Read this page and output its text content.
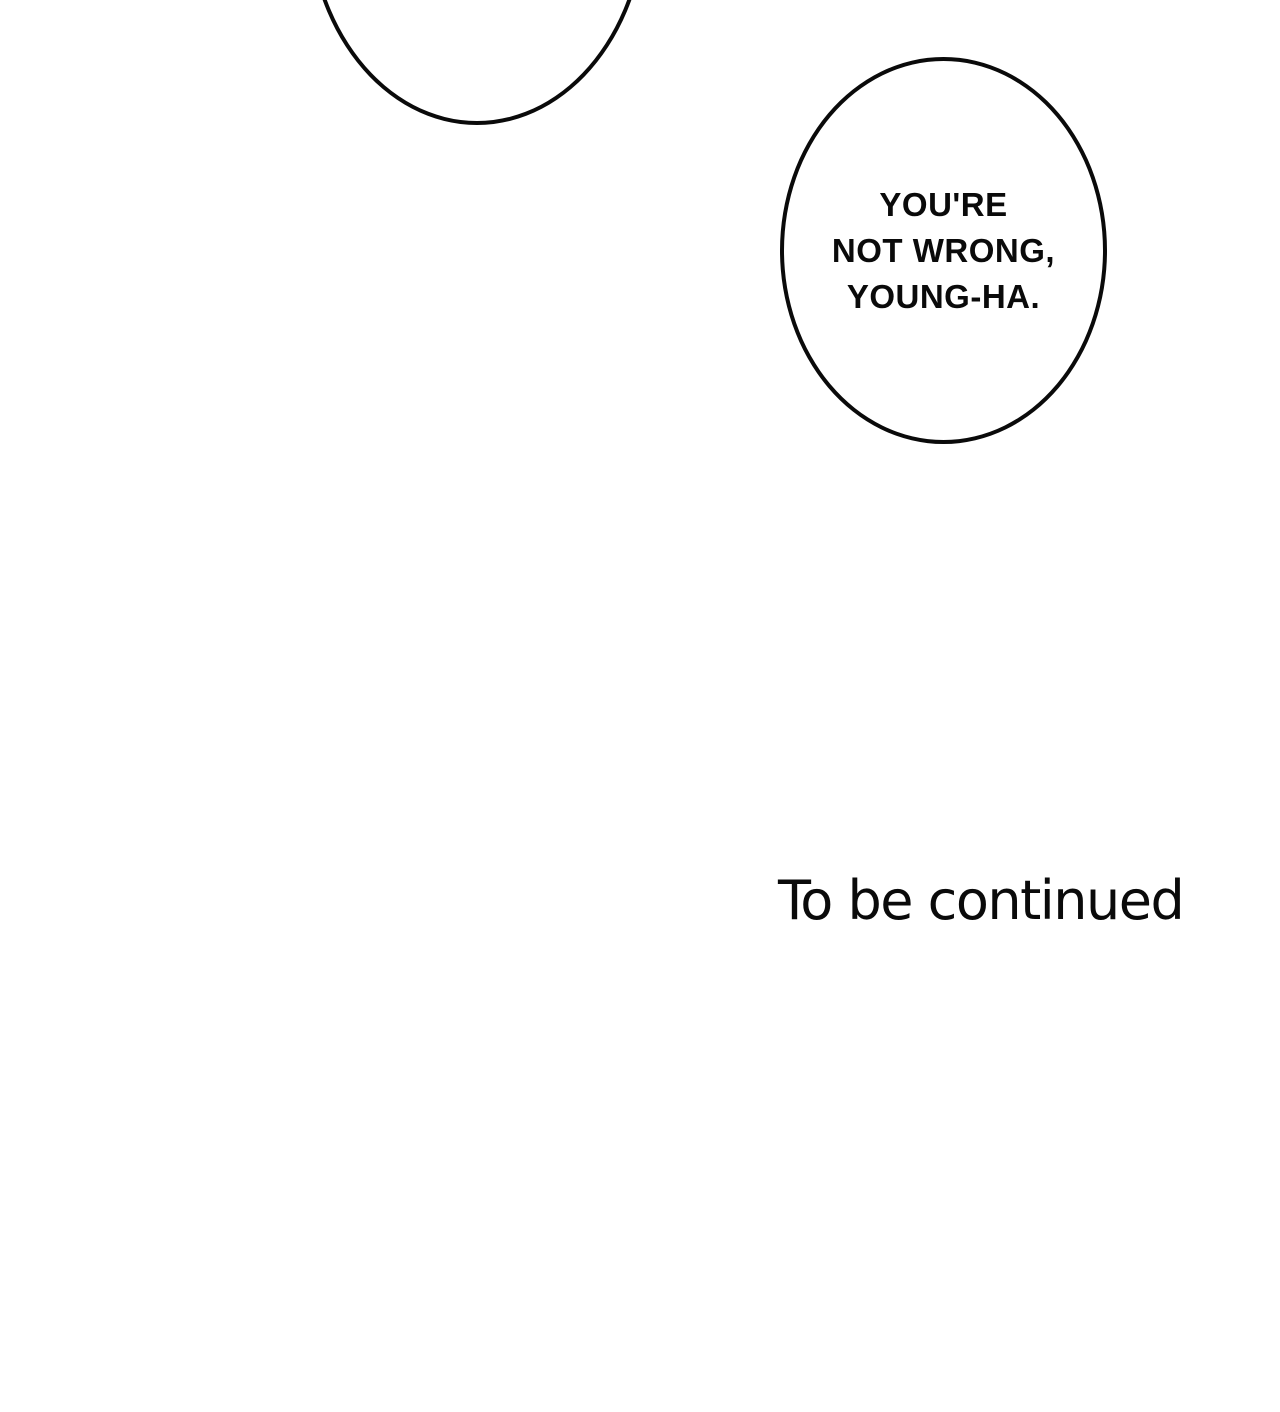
YOU'RE
NOT WRONG,
YOUNG-HA.
To be continued
